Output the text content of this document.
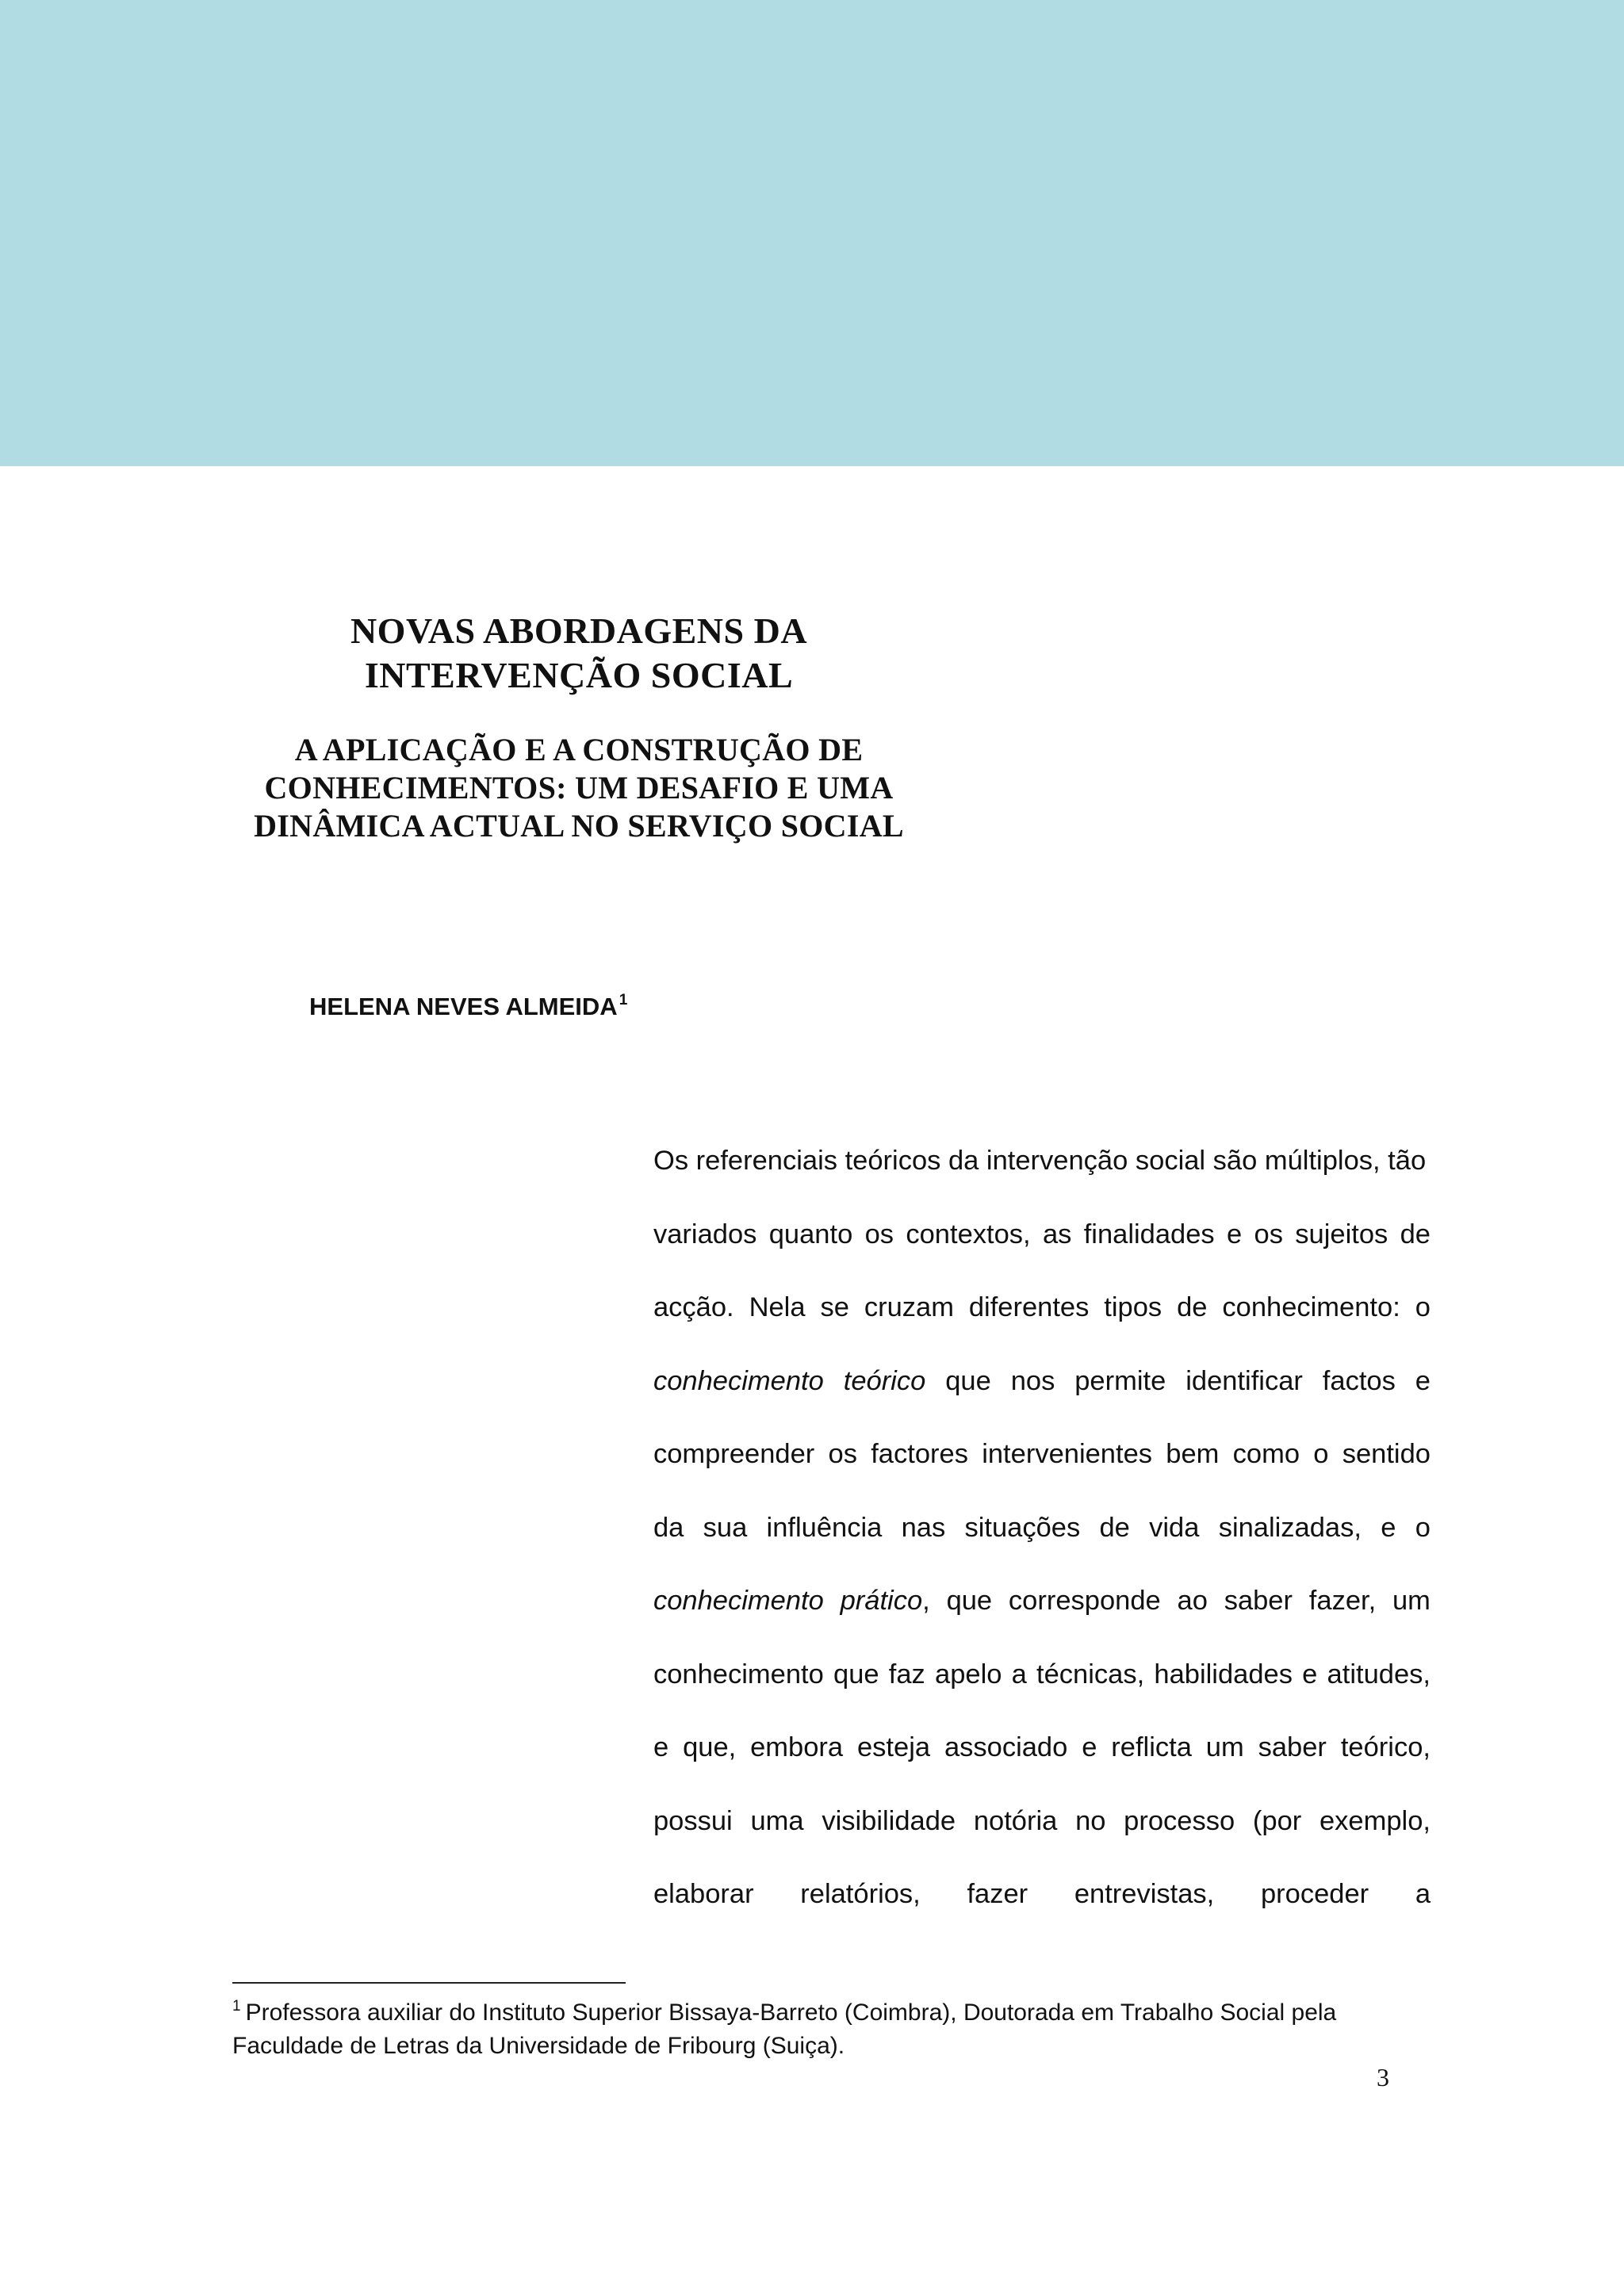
NOVAS ABORDAGENS DA

INTERVENÇÃO SOCIAL

A APLICAÇÃO E A CONSTRUÇÃO DE

CONHECIMENTOS: UM DESAFIO E UMA

DINÂMICA ACTUAL NO SERVIÇO SOCIAL

HELENA NEVES ALMEIDA $^1$
Os referenciais teóricos da intervenção social são múltiplos, tão
variados quanto os contextos, as finalidades e os sujeitos de
acção. Nela se cruzam diferentes tipos de conhecimento: o
conhecimento teórico que nos permite identificar factos e
compreender os factores intervenientes bem como o sentido
da sua influência nas situações de vida sinalizadas, e o
conhecimento prático, que corresponde ao saber fazer, um
conhecimento que faz apelo a técnicas, habilidades e atitudes,
e que, embora esteja associado e reflicta um saber teórico,
possui uma visibilidade notória no processo (por exemplo,
elaborar relatórios, fazer entrevistas, proceder a
$^1$ Professora auxiliar do Instituto Superior Bissaya-Barreto (Coimbra), Doutorada em Trabalho Social pela
Faculdade de Letras da Universidade de Fribourg (Suiça).
3
